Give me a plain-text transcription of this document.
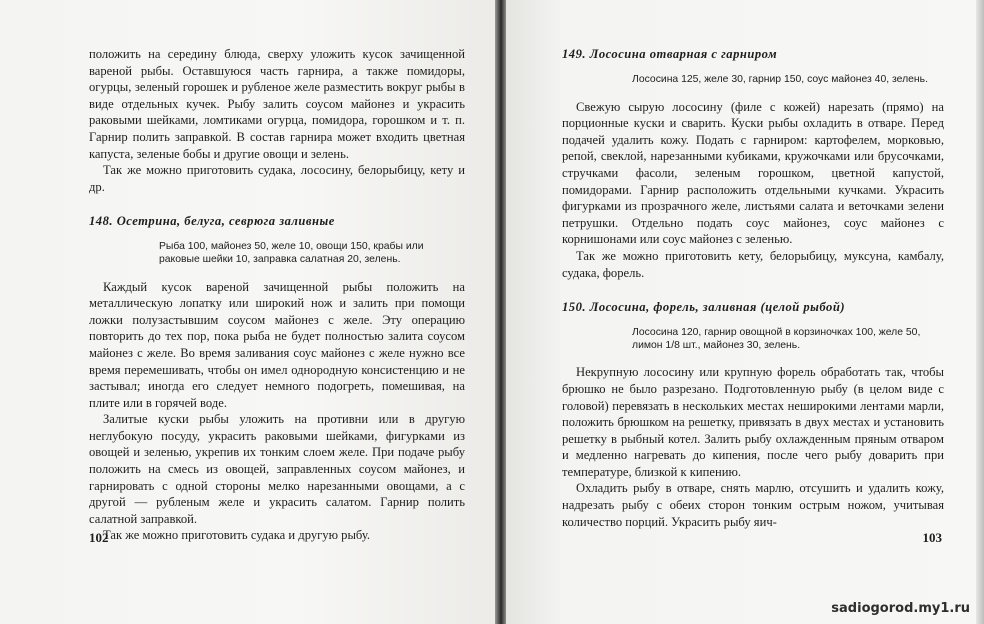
положить на середину блюда, сверху уложить кусок зачищенной вареной рыбы. Оставшуюся часть гарнира, а также помидоры, огурцы, зеленый горошек и рубленое желе разместить вокруг рыбы в виде отдельных кучек. Рыбу залить соусом майонез и украсить раковыми шейками, ломтиками огурца, помидора, горошком и т. п. Гарнир полить заправкой. В состав гарнира может входить цветная капуста, зеленые бобы и другие овощи и зелень.

Так же можно приготовить судака, лососину, белорыбицу, кету и др.

148. Осетрина, белуга, севрюга заливные

Рыба 100, майонез 50, желе 10, овощи 150, крабы или раковые шейки 10, заправка салатная 20, зелень.

Каждый кусок вареной зачищенной рыбы положить на металлическую лопатку или широкий нож и залить при помощи ложки полузастывшим соусом майонез с желе. Эту операцию повторить до тех пор, пока рыба не будет полностью залита соусом майонез с желе. Во время заливания соус майонез с желе нужно все время перемешивать, чтобы он имел однородную консистенцию и не застывал; иногда его следует немного подогреть, помешивая, на плите или в горячей воде.

Залитые куски рыбы уложить на противни или в другую неглубокую посуду, украсить раковыми шейками, фигурками из овощей и зеленью, укрепив их тонким слоем желе. При подаче рыбу положить на смесь из овощей, заправленных соусом майонез, и гарнировать с одной стороны мелко нарезанными овощами, а с другой — рубленым желе и украсить салатом. Гарнир полить салатной заправкой.

Так же можно приготовить судака и другую рыбу.

102
149. Лососина отварная с гарниром

Лососина 125, желе 30, гарнир 150, соус майонез 40, зелень.

Свежую сырую лососину (филе с кожей) нарезать (прямо) на порционные куски и сварить. Куски рыбы охладить в отваре. Перед подачей удалить кожу. Подать с гарниром: картофелем, морковью, репой, свеклой, нарезанными кубиками, кружочками или брусочками, стручками фасоли, зеленым горошком, цветной капустой, помидорами. Гарнир расположить отдельными кучками. Украсить фигурками из прозрачного желе, листьями салата и веточками зелени петрушки. Отдельно подать соус майонез, соус майонез с корнишонами или соус майонез с зеленью.

Так же можно приготовить кету, белорыбицу, муксуна, камбалу, судака, форель.

150. Лососина, форель, заливная (целой рыбой)

Лососина 120, гарнир овощной в корзиночках 100, желе 50, лимон 1/8 шт., майонез 30, зелень.

Некрупную лососину или крупную форель обработать так, чтобы брюшко не было разрезано. Подготовленную рыбу (в целом виде с головой) перевязать в нескольких местах неширокими лентами марли, положить брюшком на решетку, привязать в двух местах и установить решетку в рыбный котел. Залить рыбу охлажденным пряным отваром и медленно нагревать до кипения, после чего рыбу доварить при температуре, близкой к кипению.

Охладить рыбу в отваре, снять марлю, отсушить и удалить кожу, надрезать рыбу с обеих сторон тонким острым ножом, учитывая количество порций. Украсить рыбу яич-

103
sadiogorod.my1.ru
